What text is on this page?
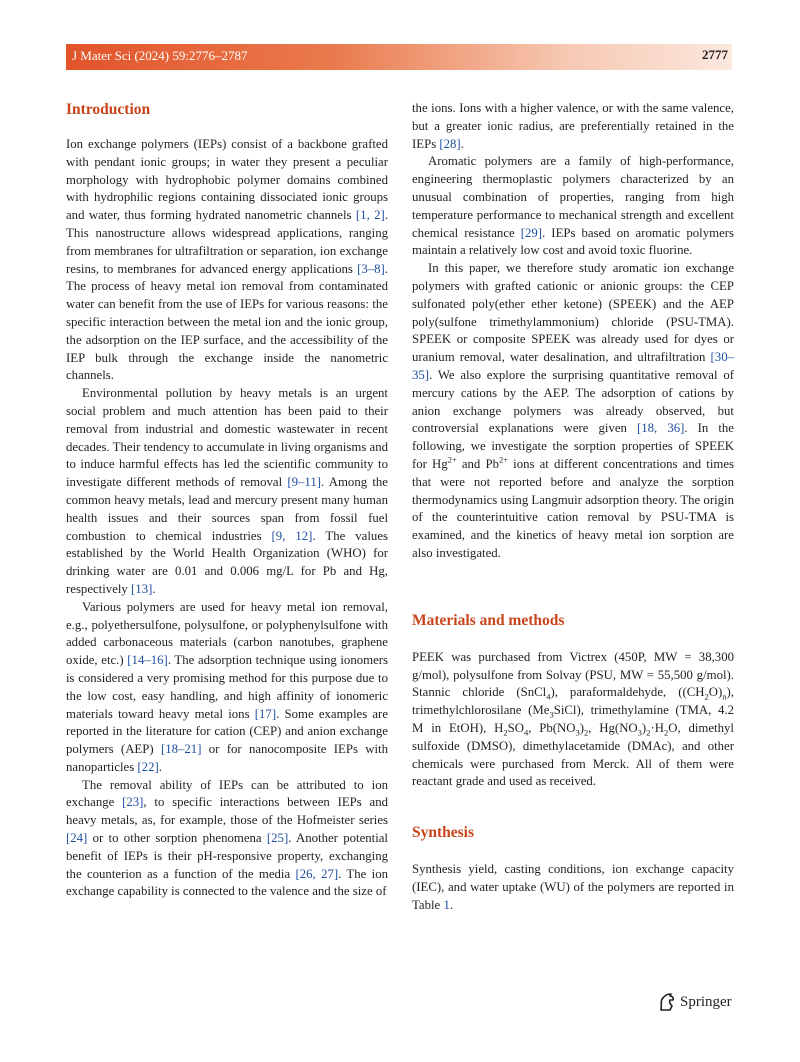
J Mater Sci (2024) 59:2776–2787	2777
Introduction

Ion exchange polymers (IEPs) consist of a backbone grafted with pendant ionic groups; in water they present a peculiar morphology with hydrophobic polymer domains combined with hydrophilic regions containing dissociated ionic groups and water, thus forming hydrated nanometric channels [1, 2]. This nanostructure allows widespread applications, ranging from membranes for ultrafiltration or separation, ion exchange resins, to membranes for advanced energy applications [3–8]. The process of heavy metal ion removal from contaminated water can benefit from the use of IEPs for various reasons: the specific interaction between the metal ion and the ionic group, the adsorption on the IEP surface, and the accessibility of the IEP bulk through the exchange inside the nanometric channels.

Environmental pollution by heavy metals is an urgent social problem and much attention has been paid to their removal from industrial and domestic wastewater in recent decades. Their tendency to accumulate in living organisms and to induce harmful effects has led the scientific community to investigate different methods of removal [9–11]. Among the common heavy metals, lead and mercury present many human health issues and their sources span from fossil fuel combustion to chemical industries [9, 12]. The values established by the World Health Organization (WHO) for drinking water are 0.01 and 0.006 mg/L for Pb and Hg, respectively [13].

Various polymers are used for heavy metal ion removal, e.g., polyethersulfone, polysulfone, or polyphenylsulfone with added carbonaceous materials (carbon nanotubes, graphene oxide, etc.) [14–16]. The adsorption technique using ionomers is considered a very promising method for this purpose due to the low cost, easy handling, and high affinity of ionomeric materials toward heavy metal ions [17]. Some examples are reported in the literature for cation (CEP) and anion exchange polymers (AEP) [18–21] or for nanocomposite IEPs with nanoparticles [22].

The removal ability of IEPs can be attributed to ion exchange [23], to specific interactions between IEPs and heavy metals, as, for example, those of the Hofmeister series [24] or to other sorption phenomena [25]. Another potential benefit of IEPs is their pH-responsive property, exchanging the counterion as a function of the media [26, 27]. The ion exchange capability is connected to the valence and the size of

the ions. Ions with a higher valence, or with the same valence, but a greater ionic radius, are preferentially retained in the IEPs [28].

Aromatic polymers are a family of high-performance, engineering thermoplastic polymers characterized by an unusual combination of properties, ranging from high temperature performance to mechanical strength and excellent chemical resistance [29]. IEPs based on aromatic polymers maintain a relatively low cost and avoid toxic fluorine.

In this paper, we therefore study aromatic ion exchange polymers with grafted cationic or anionic groups: the CEP sulfonated poly(ether ether ketone) (SPEEK) and the AEP poly(sulfone trimethylammonium) chloride (PSU-TMA). SPEEK or composite SPEEK was already used for dyes or uranium removal, water desalination, and ultrafiltration [30–35]. We also explore the surprising quantitative removal of mercury cations by the AEP. The adsorption of cations by anion exchange polymers was already observed, but controversial explanations were given [18, 36]. In the following, we investigate the sorption properties of SPEEK for $Hg^{2+}$ and $Pb^{2+}$ ions at different concentrations and times that were not reported before and analyze the sorption thermodynamics using Langmuir adsorption theory. The origin of the counterintuitive cation removal by PSU-TMA is examined, and the kinetics of heavy metal ion sorption are also investigated.

Materials and methods

PEEK was purchased from Victrex (450P, MW = 38,300 g/mol), polysulfone from Solvay (PSU, MW = 55,500 g/mol). Stannic chloride (SnCl$_4$), paraformaldehyde, $((CH_2O)_n)$, trimethylchlorosilane $(Me_3SiCl)$, trimethylamine (TMA, 4.2 M in EtOH), $H_2SO_4$, $Pb(NO_3)_2$, $Hg(NO_3)_2\cdot H_2O$, dimethyl sulfoxide (DMSO), dimethylacetamide (DMAc), and other chemicals were purchased from Merck. All of them were reactant grade and used as received.

Synthesis

Synthesis yield, casting conditions, ion exchange capacity (IEC), and water uptake (WU) of the polymers are reported in Table 1.

Springer
